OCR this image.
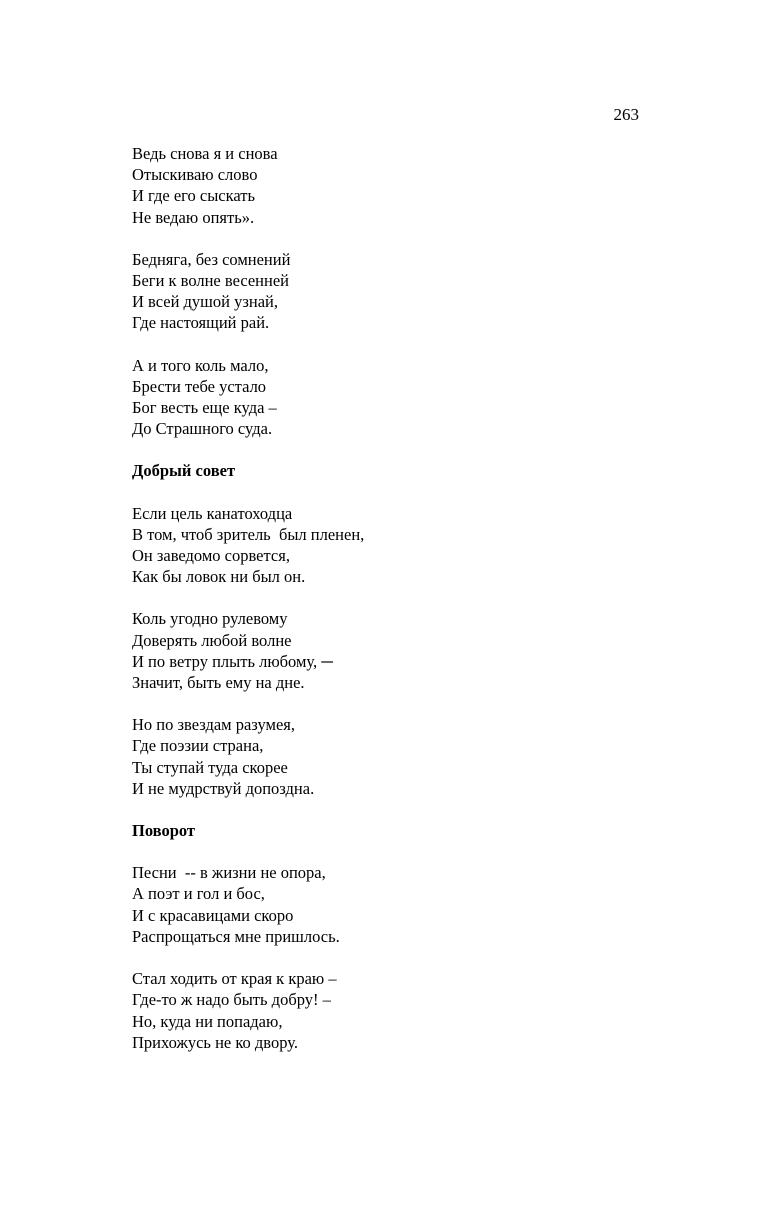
263
Ведь снова я и снова
Отыскиваю слово
И где его сыскать
Не ведаю опять».
Бедняга, без сомнений
Беги к волне весенней
И всей душой узнай,
Где настоящий рай.
А и того коль мало,
Брести тебе устало
Бог весть еще куда –
До Страшного суда.
Добрый совет
Если цель канатоходца
В том, чтоб зритель  был пленен,
Он заведомо сорвется,
Как бы ловок ни был он.
Коль угодно рулевому
Доверять любой волне
И по ветру плыть любому, ─
Значит, быть ему на дне.
Но по звездам разумея,
Где поэзии страна,
Ты ступай туда скорее
И не мудрствуй допоздна.
Поворот
Песни  -- в жизни не опора,
А поэт и гол и бос,
И с красавицами скоро
Распрощаться мне пришлось.
Стал ходить от края к краю –
Где-то ж надо быть добру! –
Но, куда ни попадаю,
Прихожусь не ко двору.
